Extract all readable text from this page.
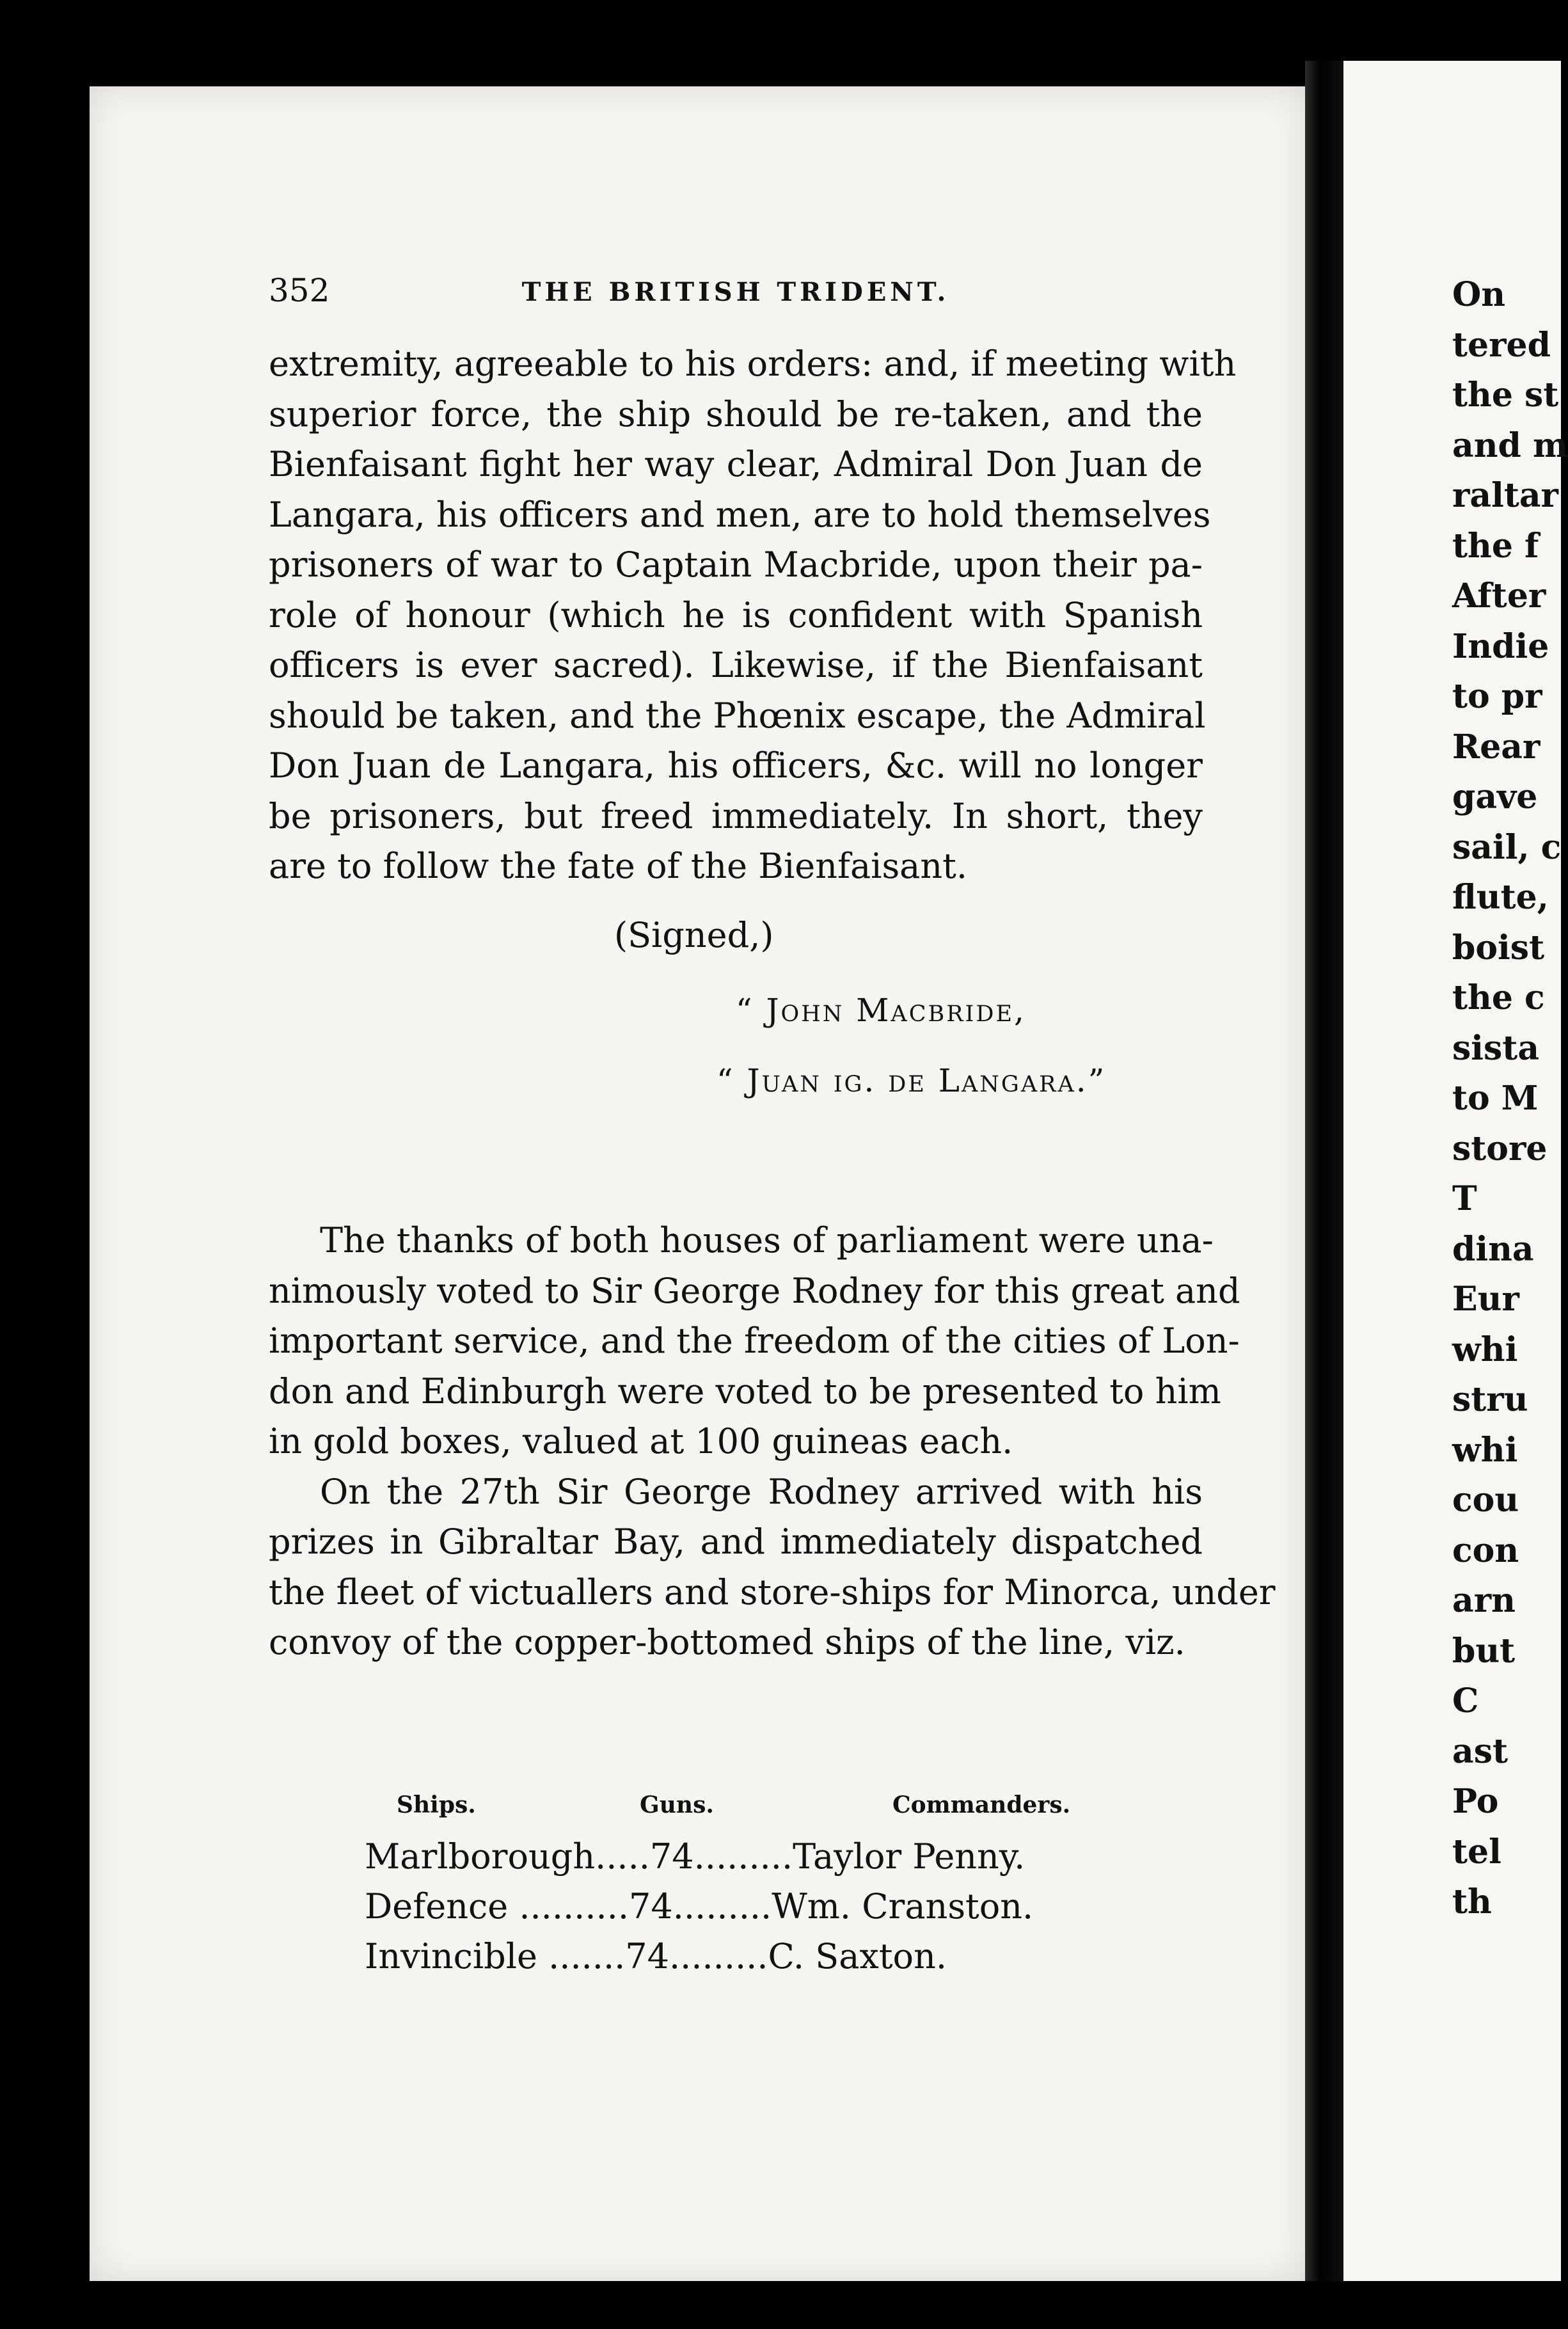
On
tered
the st
and m
raltar
the f
After
Indie
to pr
Rear
gave
sail, c
flute,
boist
the c
sista
to M
store
T
dina
Eur
whi
stru
whi
cou
con
arn
but
C
ast
Po
tel
th
352	THE BRITISH TRIDENT.
extremity, agreeable to his orders: and, if meeting with
superior force, the ship should be re-taken, and the
Bienfaisant fight her way clear, Admiral Don Juan de
Langara, his officers and men, are to hold themselves
prisoners of war to Captain Macbride, upon their pa-
role of honour (which he is confident with Spanish
officers is ever sacred). Likewise, if the Bienfaisant
should be taken, and the Phœnix escape, the Admiral
Don Juan de Langara, his officers, &c. will no longer
be prisoners, but freed immediately. In short, they
are to follow the fate of the Bienfaisant.
(Signed,)
“ John Macbride,
“ Juan ig. de Langara.”
The thanks of both houses of parliament were una-
nimously voted to Sir George Rodney for this great and
important service, and the freedom of the cities of Lon-
don and Edinburgh were voted to be presented to him
in gold boxes, valued at 100 guineas each.
On the 27th Sir George Rodney arrived with his
prizes in Gibraltar Bay, and immediately dispatched
the fleet of victuallers and store-ships for Minorca, under
convoy of the copper-bottomed ships of the line, viz.
Ships.	Guns.	Commanders.
Marlborough.....74.........Taylor Penny.
Defence ..........74.........Wm. Cranston.
Invincible .......74.........C. Saxton.
